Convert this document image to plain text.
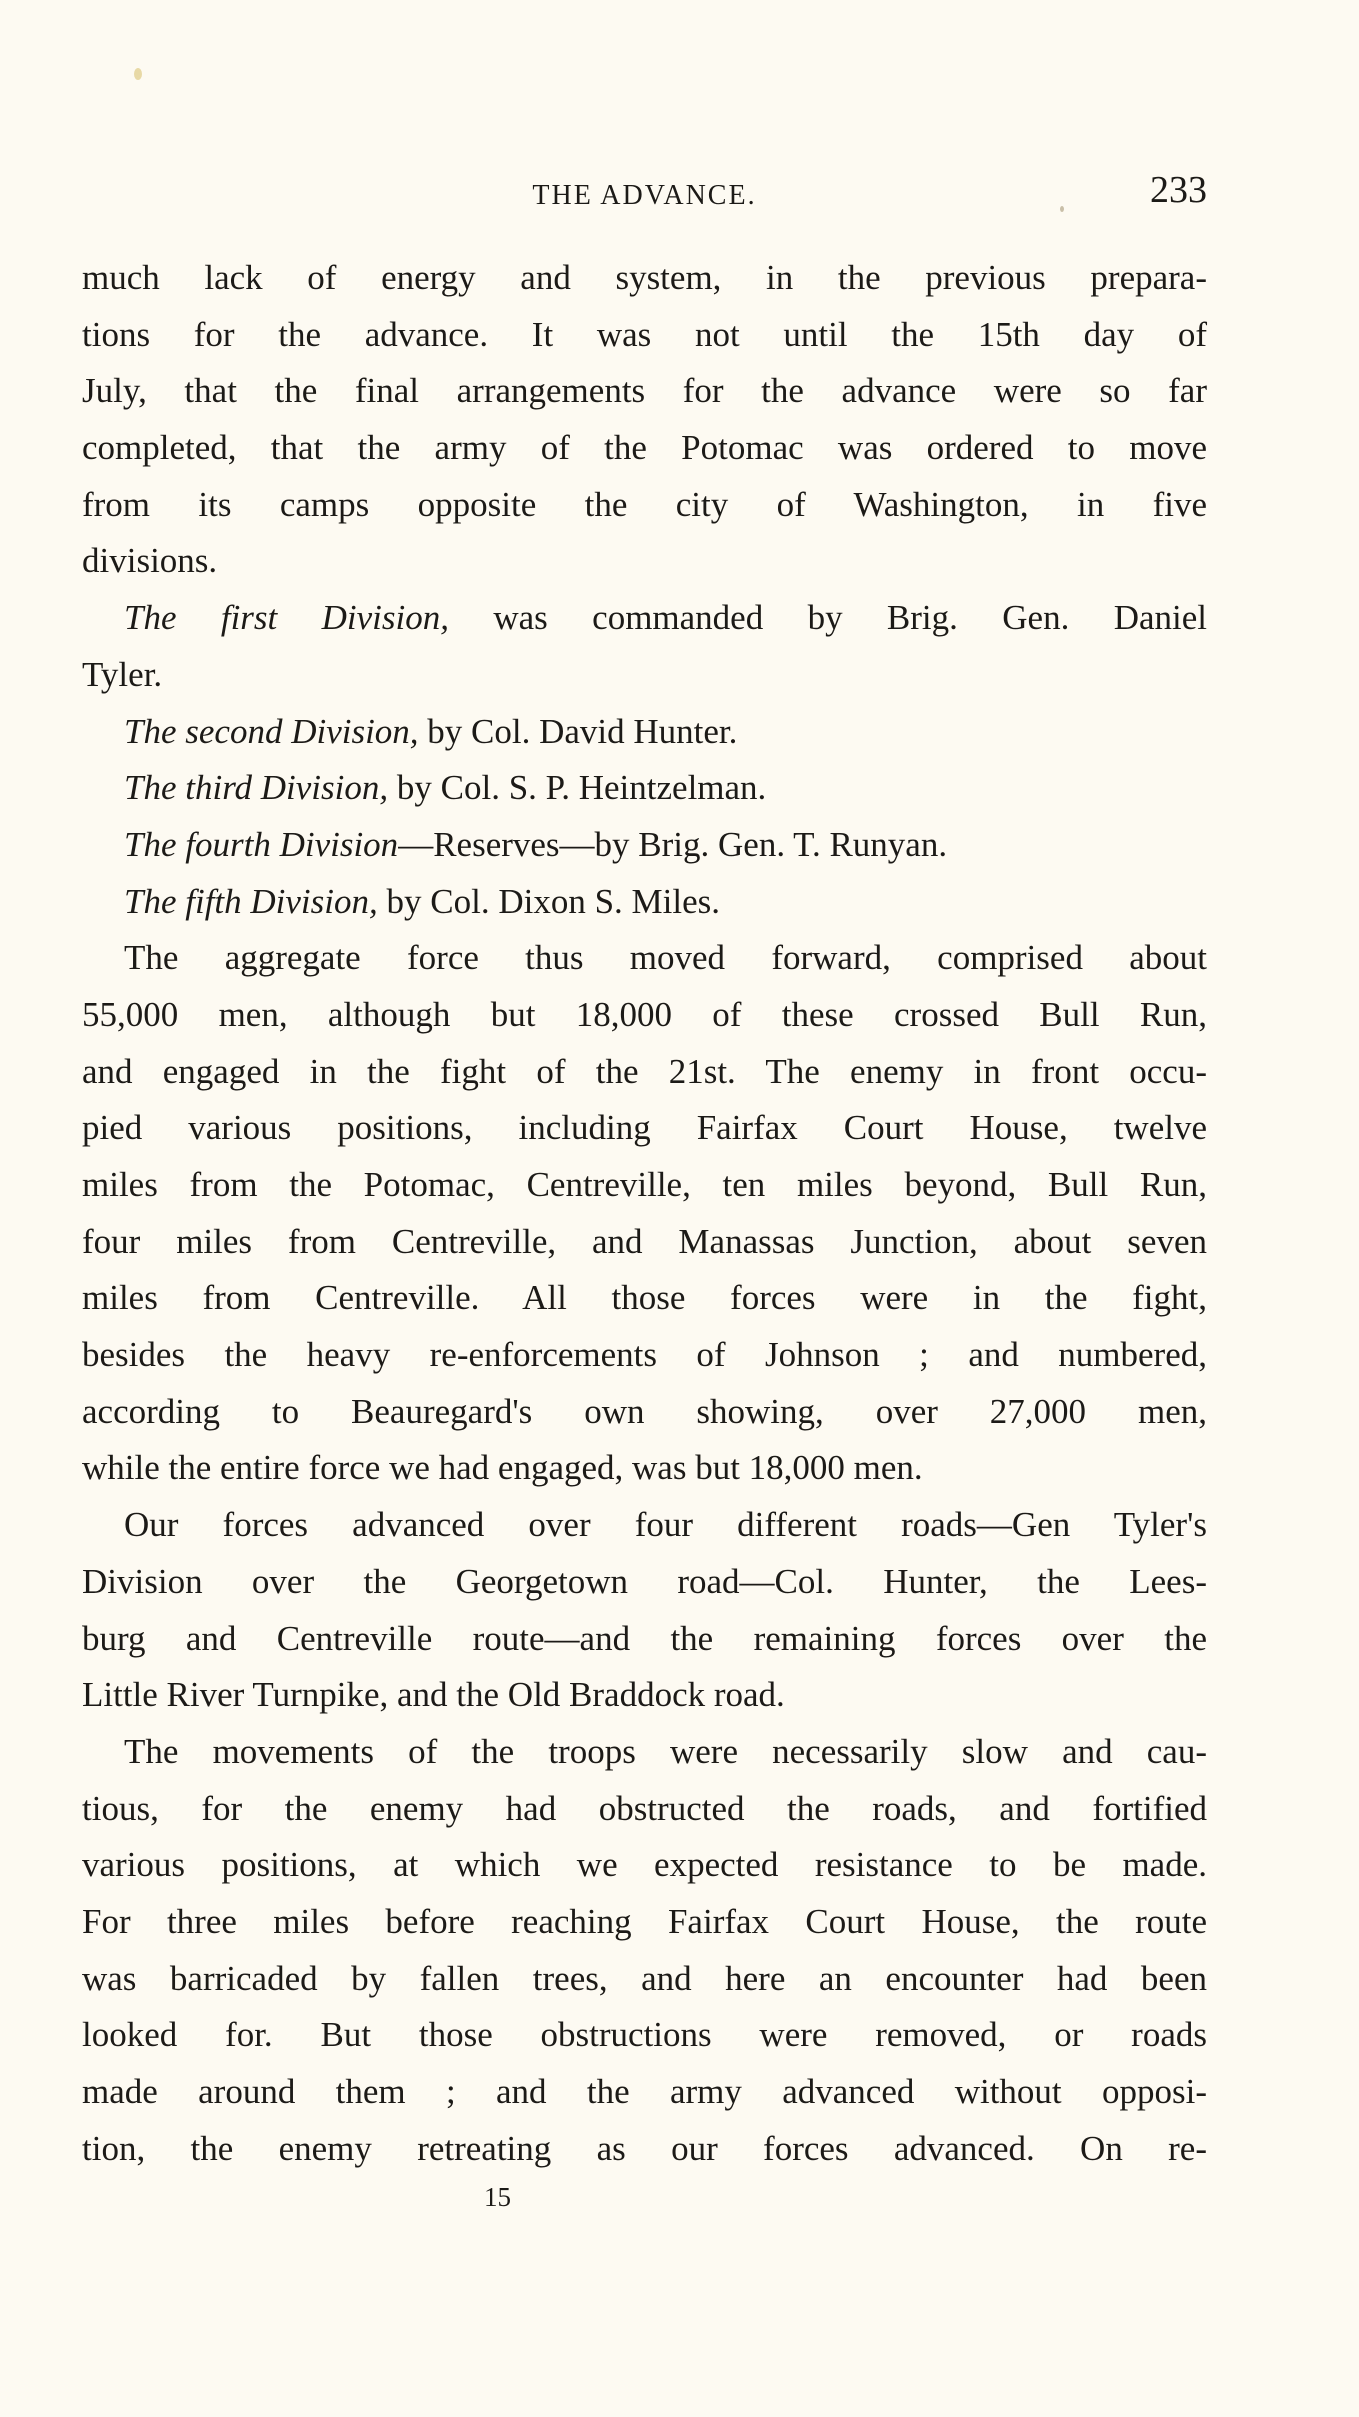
THE ADVANCE.	233
much lack of energy and system, in the previous prepara-
tions for the advance. It was not until the 15th day of
July, that the final arrangements for the advance were so far
completed, that the army of the Potomac was ordered to move
from its camps opposite the city of Washington, in five
divisions.
The first Division, was commanded by Brig. Gen. Daniel
Tyler.
The second Division, by Col. David Hunter.
The third Division, by Col. S. P. Heintzelman.
The fourth Division—Reserves—by Brig. Gen. T. Runyan.
The fifth Division, by Col. Dixon S. Miles.
The aggregate force thus moved forward, comprised about
55,000 men, although but 18,000 of these crossed Bull Run,
and engaged in the fight of the 21st. The enemy in front occu-
pied various positions, including Fairfax Court House, twelve
miles from the Potomac, Centreville, ten miles beyond, Bull Run,
four miles from Centreville, and Manassas Junction, about seven
miles from Centreville. All those forces were in the fight,
besides the heavy re-enforcements of Johnson ; and numbered,
according to Beauregard's own showing, over 27,000 men,
while the entire force we had engaged, was but 18,000 men.
Our forces advanced over four different roads—Gen Tyler's
Division over the Georgetown road—Col. Hunter, the Lees-
burg and Centreville route—and the remaining forces over the
Little River Turnpike, and the Old Braddock road.
The movements of the troops were necessarily slow and cau-
tious, for the enemy had obstructed the roads, and fortified
various positions, at which we expected resistance to be made.
For three miles before reaching Fairfax Court House, the route
was barricaded by fallen trees, and here an encounter had been
looked for. But those obstructions were removed, or roads
made around them ; and the army advanced without opposi-
tion, the enemy retreating as our forces advanced. On re-
15
